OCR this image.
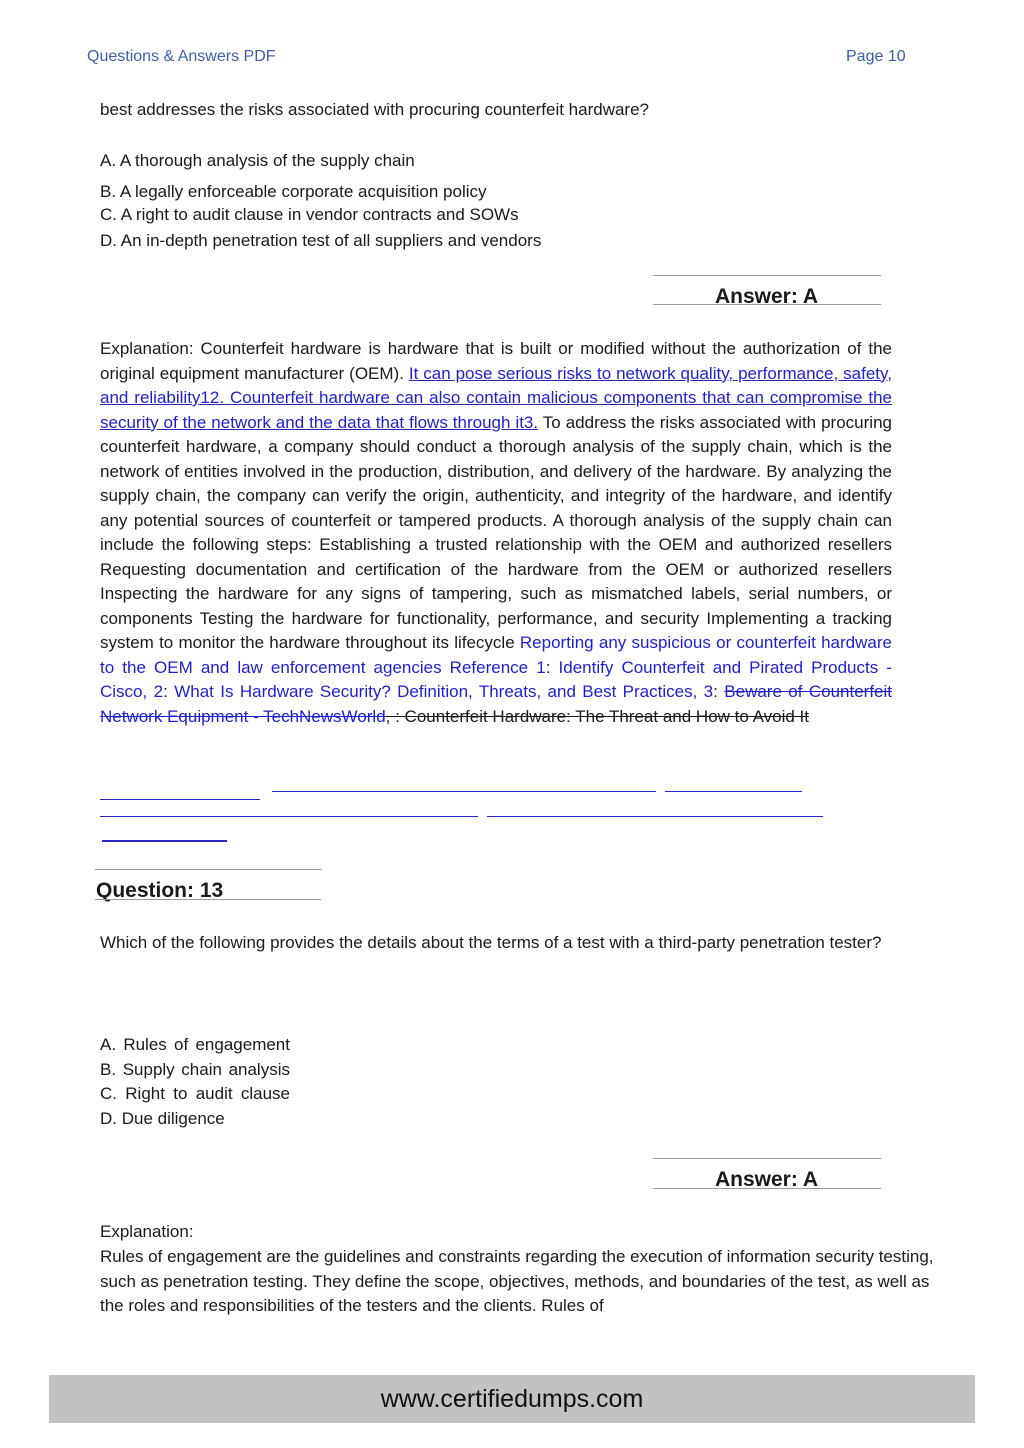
Questions & Answers PDF	Page 10
best addresses the risks associated with procuring counterfeit hardware?
A. A thorough analysis of the supply chain
B. A legally enforceable corporate acquisition policy
C. A right to audit clause in vendor contracts and SOWs
D. An in-depth penetration test of all suppliers and vendors
Answer: A
Explanation: Counterfeit hardware is hardware that is built or modified without the authorization of the original equipment manufacturer (OEM). It can pose serious risks to network quality, performance, safety, and reliability12. Counterfeit hardware can also contain malicious components that can compromise the security of the network and the data that flows through it3. To address the risks associated with procuring counterfeit hardware, a company should conduct a thorough analysis of the supply chain, which is the network of entities involved in the production, distribution, and delivery of the hardware. By analyzing the supply chain, the company can verify the origin, authenticity, and integrity of the hardware, and identify any potential sources of counterfeit or tampered products. A thorough analysis of the supply chain can include the following steps: Establishing a trusted relationship with the OEM and authorized resellers Requesting documentation and certification of the hardware from the OEM or authorized resellers Inspecting the hardware for any signs of tampering, such as mismatched labels, serial numbers, or components Testing the hardware for functionality, performance, and security Implementing a tracking system to monitor the hardware throughout its lifecycle Reporting any suspicious or counterfeit hardware to the OEM and law enforcement agencies Reference 1: Identify Counterfeit and Pirated Products - Cisco, 2: What Is Hardware Security? Definition, Threats, and Best Practices, 3: Beware of Counterfeit Network Equipment - TechNewsWorld, : Counterfeit Hardware: The Threat and How to Avoid It
Question: 13
Which of the following provides the details about the terms of a test with a third-party penetration tester?
A. Rules of engagement B. Supply chain analysis C. Right to audit clause D. Due diligence
Answer: A
Explanation:
Rules of engagement are the guidelines and constraints regarding the execution of information security testing, such as penetration testing. They define the scope, objectives, methods, and boundaries of the test, as well as the roles and responsibilities of the testers and the clients. Rules of
www.certifiedumps.com
